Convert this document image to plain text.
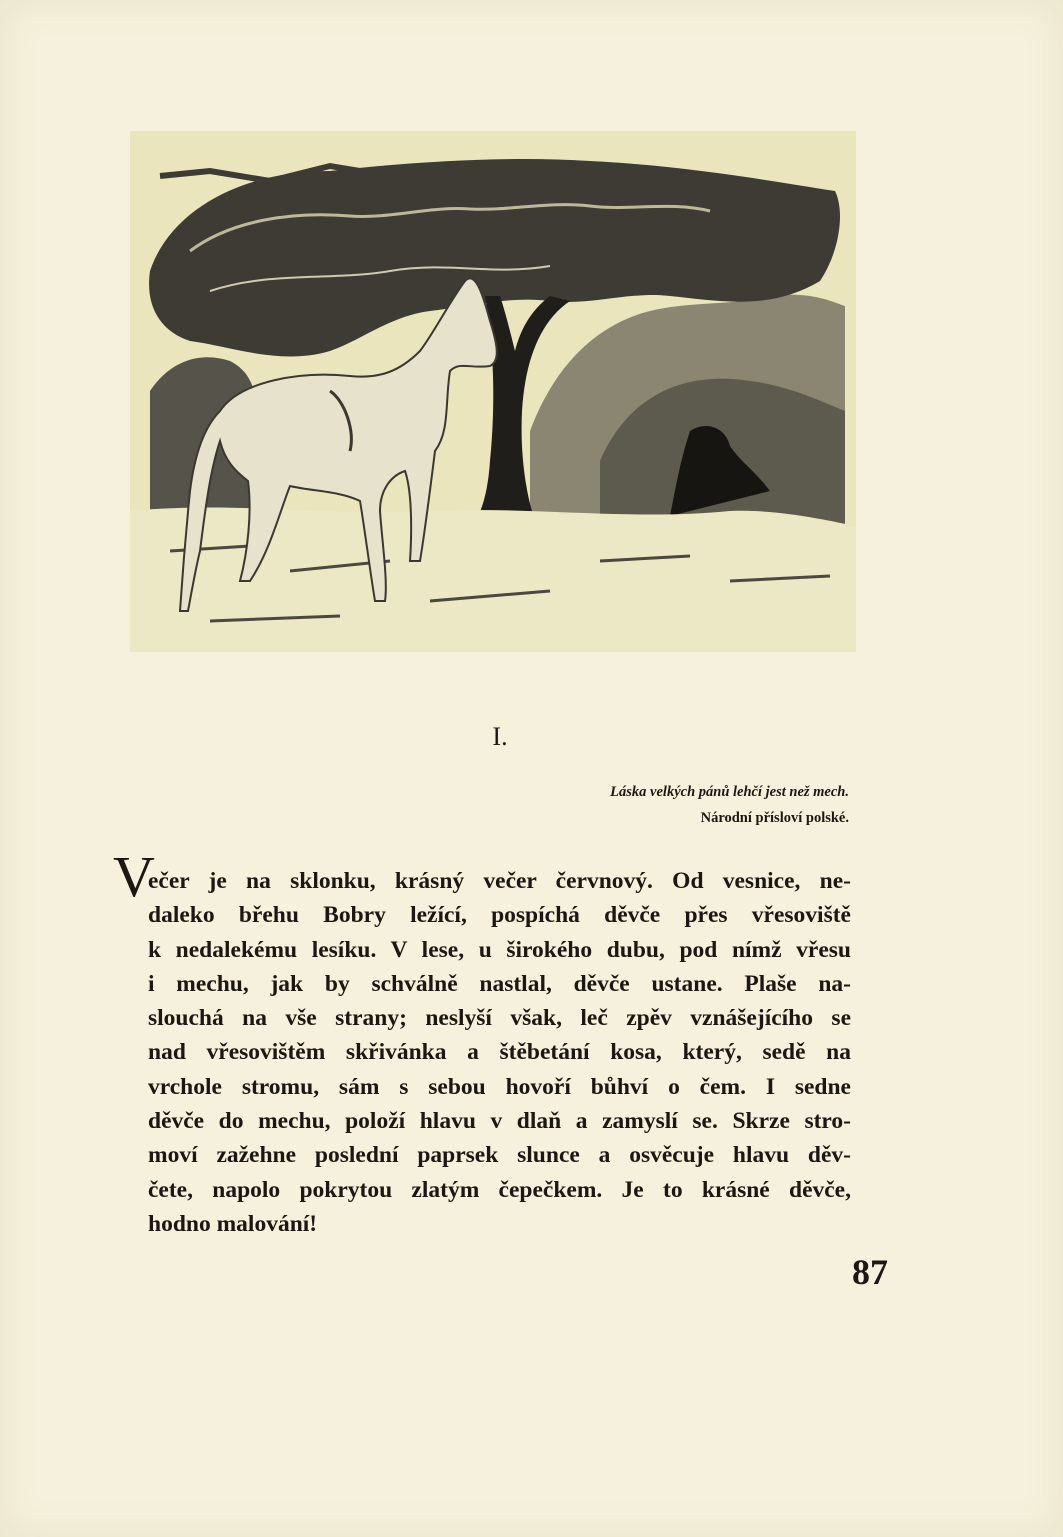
I.
Láska velkých pánů lehčí jest než mech.
Národní přísloví polské.
V
ečer je na sklonku, krásný večer červnový. Od vesnice, ne-
daleko břehu Bobry ležící, pospíchá děvče přes vřesoviště
k nedalekému lesíku. V lese, u širokého dubu, pod nímž vřesu
i mechu, jak by schválně nastlal, děvče ustane. Plaše na-
slouchá na vše strany; neslyší však, leč zpěv vznášejícího se
nad vřesovištěm skřivánka a štěbetání kosa, který, sedě na
vrchole stromu, sám s sebou hovoří bůhví o čem. I sedne
děvče do mechu, položí hlavu v dlaň a zamyslí se. Skrze stro-
moví zažehne poslední paprsek slunce a osvěcuje hlavu děv-
čete, napolo pokrytou zlatým čepečkem. Je to krásné děvče,
hodno malování!
87
